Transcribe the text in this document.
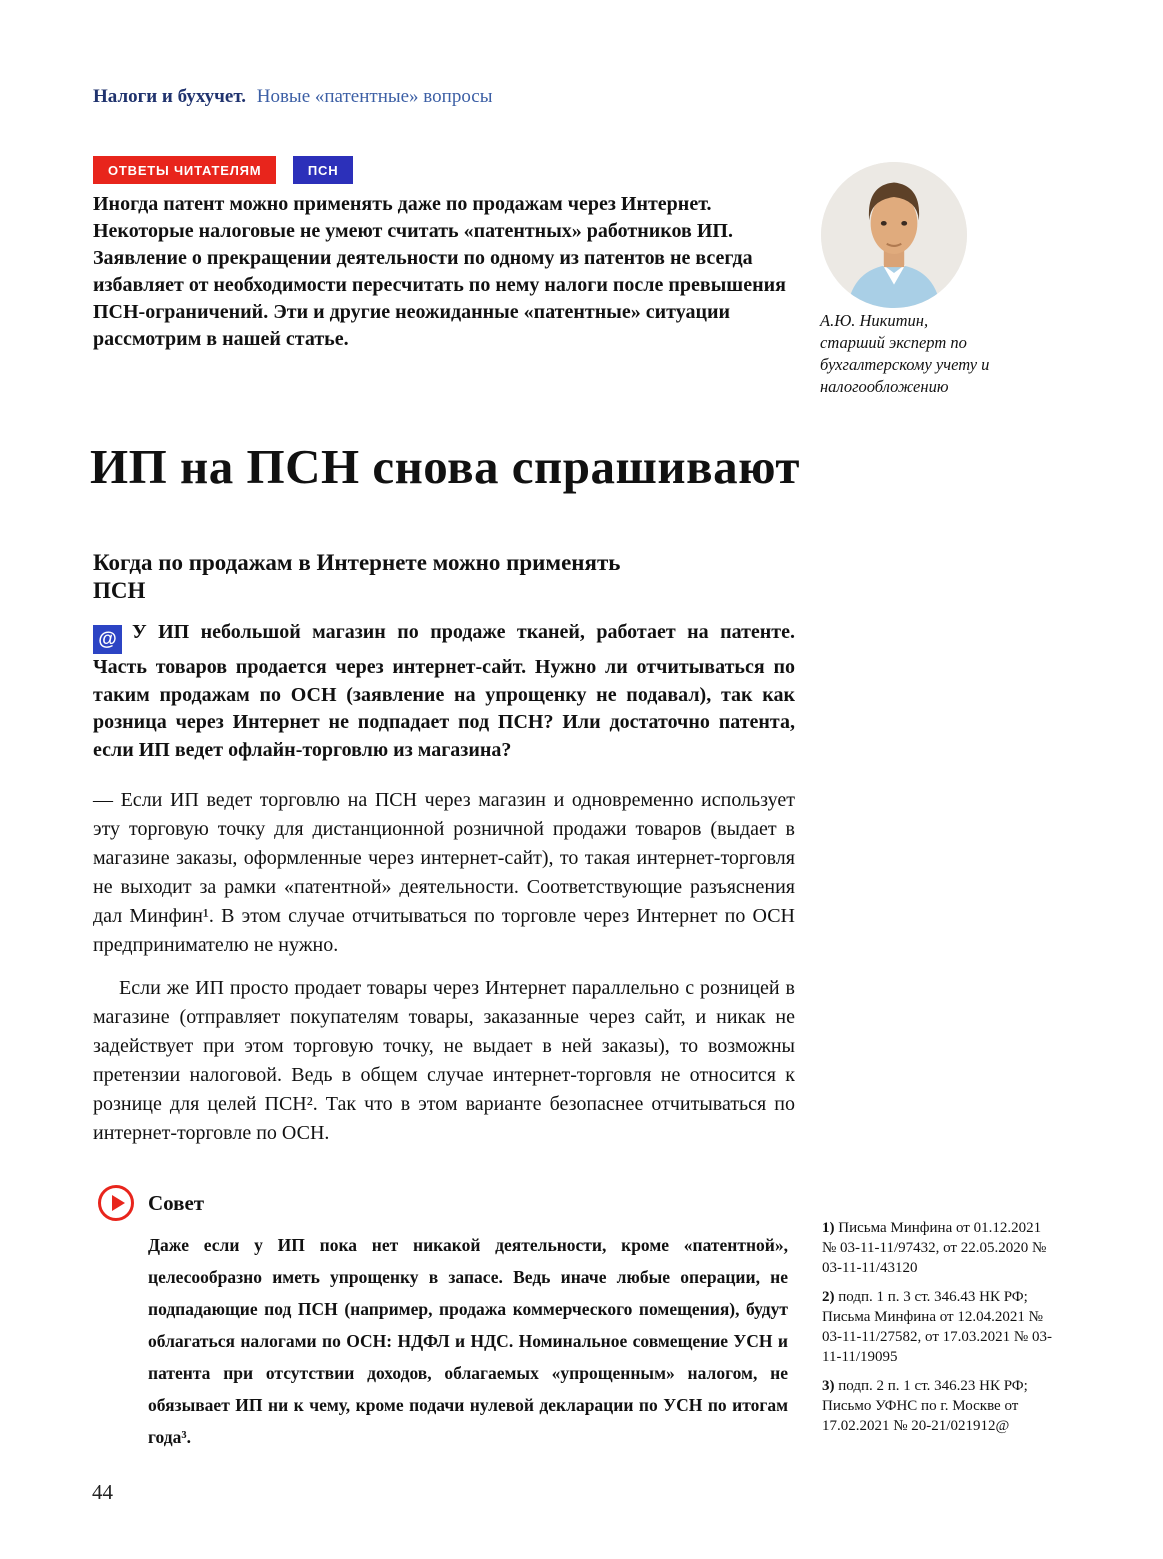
Налоги и бухучет. Новые «патентные» вопросы
ОТВЕТЫ ЧИТАТЕЛЯМ	ПСН

Иногда патент можно применять даже по продажам через Интернет. Некоторые налоговые не умеют считать «патентных» работников ИП. Заявление о прекращении деятельности по одному из патентов не всегда избавляет от необходимости пересчитать по нему налоги после превышения ПСН-ограничений. Эти и другие неожиданные «патентные» ситуации рассмотрим в нашей статье.

А.Ю. Никитин,
старший эксперт по бухгалтерскому учету и налогообложению
ИП на ПСН снова спрашивают
Когда по продажам в Интернете можно применять ПСН

@ У ИП небольшой магазин по продаже тканей, работает на патенте. Часть товаров продается через интернет-сайт. Нужно ли отчитываться по таким продажам по ОСН (заявление на упрощенку не подавал), так как розница через Интернет не подпадает под ПСН? Или достаточно патента, если ИП ведет офлайн-торговлю из магазина?

— Если ИП ведет торговлю на ПСН через магазин и одновременно использует эту торговую точку для дистанционной розничной продажи товаров (выдает в магазине заказы, оформленные через интернет-сайт), то такая интернет-торговля не выходит за рамки «патентной» деятельности. Соответствующие разъяснения дал Минфин¹. В этом случае отчитываться по торговле через Интернет по ОСН предпринимателю не нужно.

Если же ИП просто продает товары через Интернет параллельно с розницей в магазине (отправляет покупателям товары, заказанные через сайт, и никак не задействует при этом торговую точку, не выдает в ней заказы), то возможны претензии налоговой. Ведь в общем случае интернет-торговля не относится к рознице для целей ПСН². Так что в этом варианте безопаснее отчитываться по интернет-торговле по ОСН.

Совет

Даже если у ИП пока нет никакой деятельности, кроме «патентной», целесообразно иметь упрощенку в запасе. Ведь иначе любые операции, не подпадающие под ПСН (например, продажа коммерческого помещения), будут облагаться налогами по ОСН: НДФЛ и НДС. Номинальное совмещение УСН и патента при отсутствии доходов, облагаемых «упрощенным» налогом, не обязывает ИП ни к чему, кроме подачи нулевой декларации по УСН по итогам года³.

1) Письма Минфина от 01.12.2021 № 03-11-11/97432, от 22.05.2020 № 03-11-11/43120
2) подп. 1 п. 3 ст. 346.43 НК РФ; Письма Минфина от 12.04.2021 № 03-11-11/27582, от 17.03.2021 № 03-11-11/19095
3) подп. 2 п. 1 ст. 346.23 НК РФ; Письмо УФНС по г. Москве от 17.02.2021 № 20-21/021912@
44
